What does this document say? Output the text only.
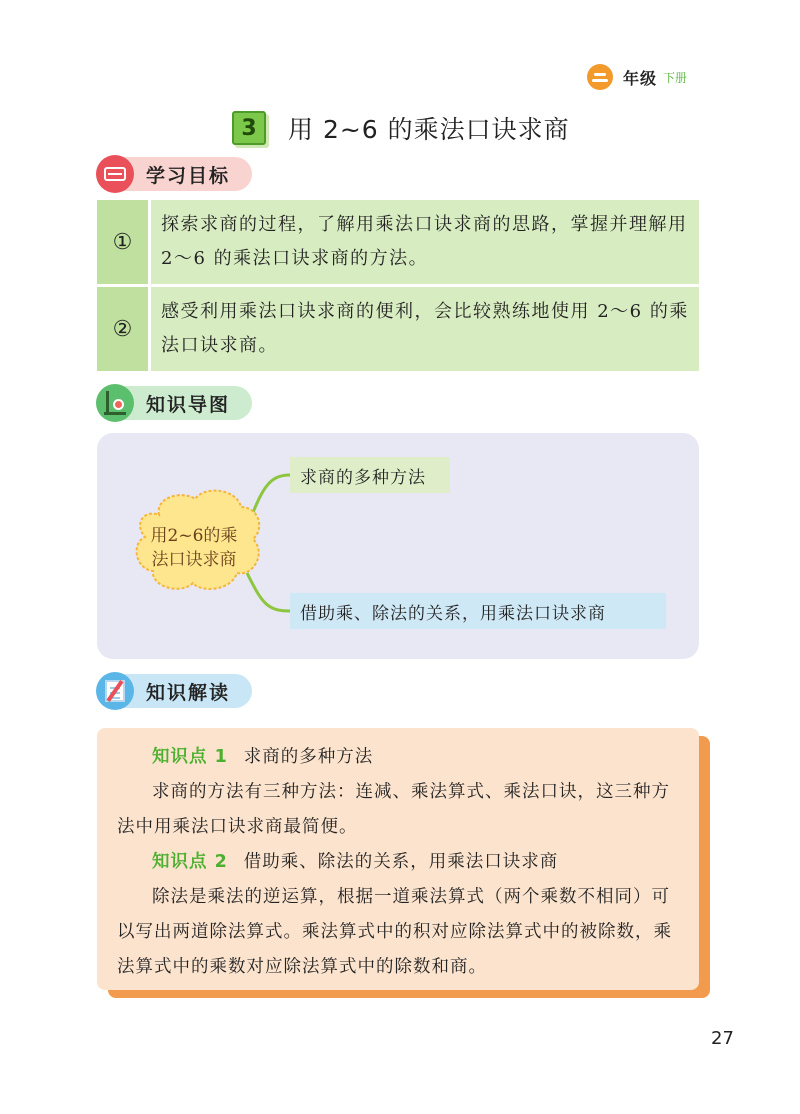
年级 下册
3	用 2~6 的乘法口诀求商
学习目标
①
探索求商的过程，了解用乘法口诀求商的思路，掌握并理解用 2～6 的乘法口诀求商的方法。
②
感受利用乘法口诀求商的便利，会比较熟练地使用 2～6 的乘法口诀求商。
知识导图
用2~6的乘
法口诀求商
求商的多种方法
借助乘、除法的关系，用乘法口诀求商
知识解读

知识点 1 求商的多种方法

求商的方法有三种方法：连减、乘法算式、乘法口诀，这三种方法中用乘法口诀求商最简便。

知识点 2 借助乘、除法的关系，用乘法口诀求商

除法是乘法的逆运算，根据一道乘法算式（两个乘数不相同）可以写出两道除法算式。乘法算式中的积对应除法算式中的被除数，乘法算式中的乘数对应除法算式中的除数和商。

27
